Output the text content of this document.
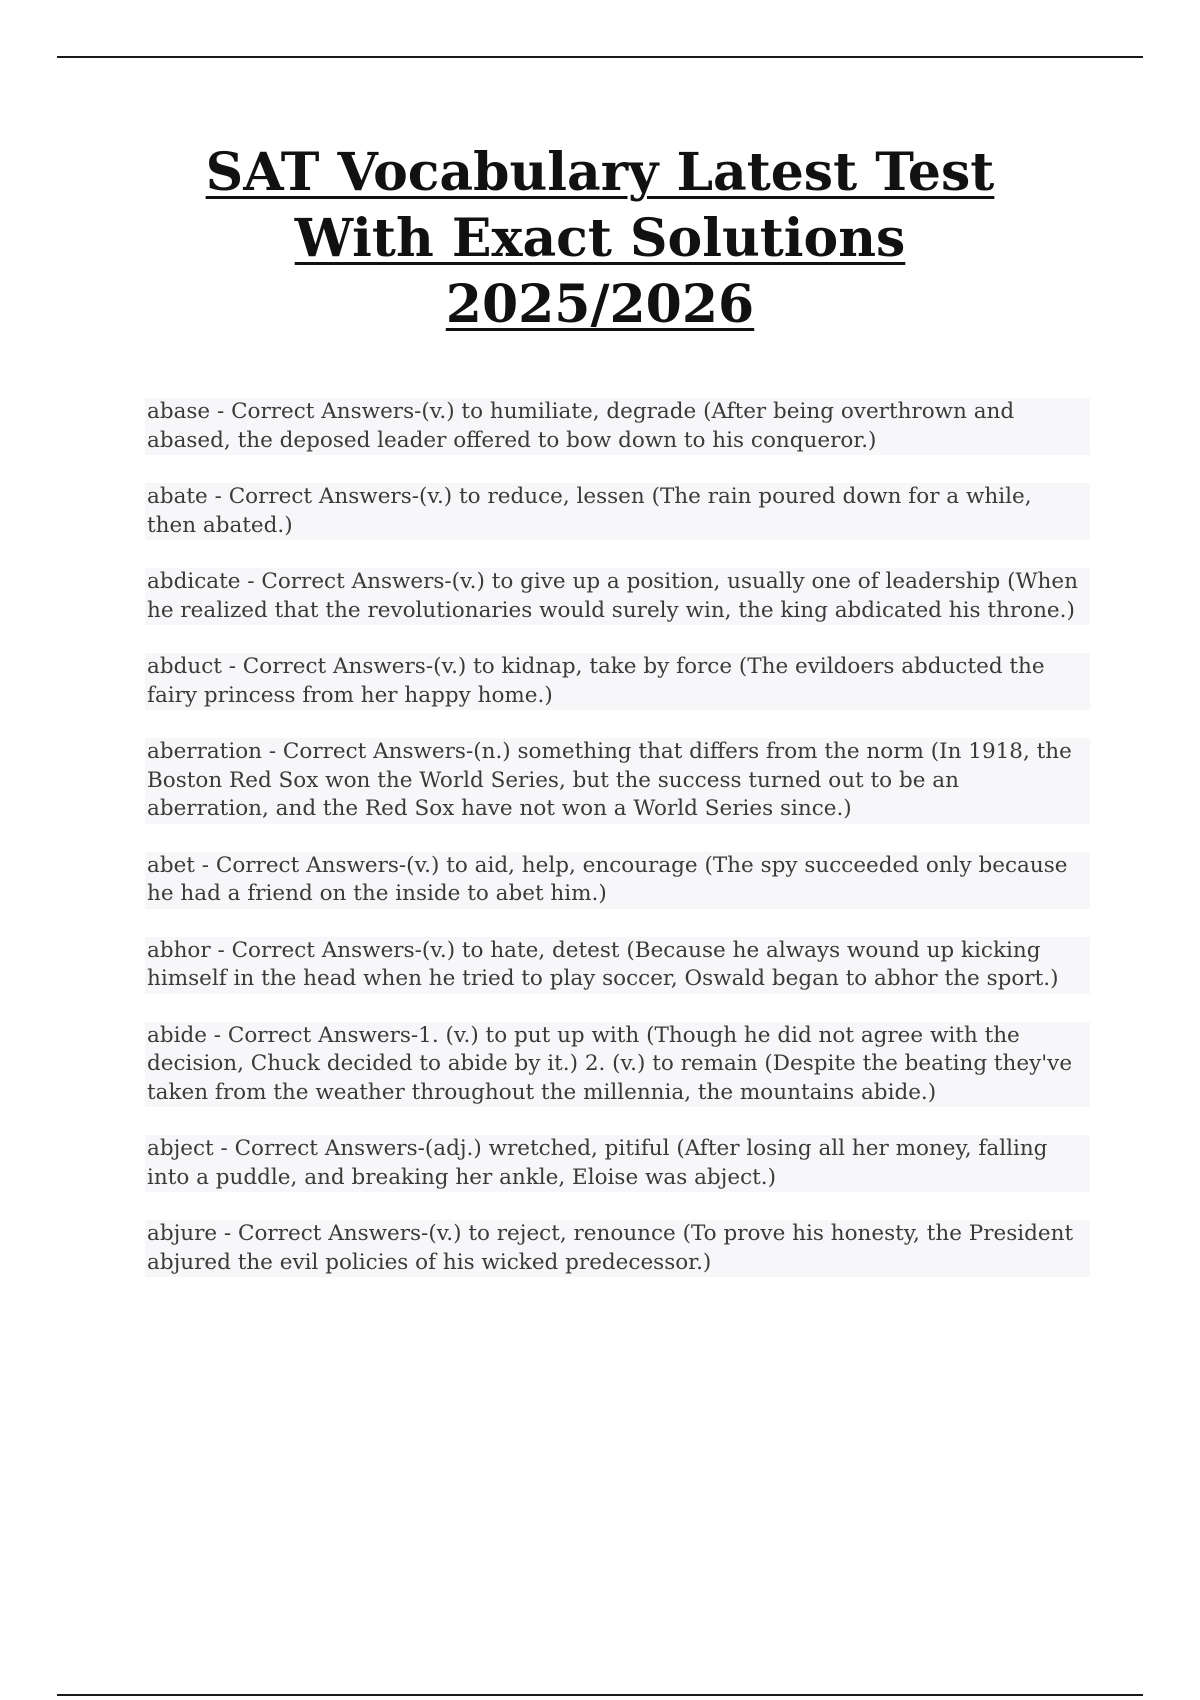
SAT Vocabulary Latest Test
With Exact Solutions
2025/2026

abase - Correct Answers-(v.) to humiliate, degrade (After being overthrown and abased, the deposed leader offered to bow down to his conqueror.)

abate - Correct Answers-(v.) to reduce, lessen (The rain poured down for a while, then abated.)

abdicate - Correct Answers-(v.) to give up a position, usually one of leadership (When he realized that the revolutionaries would surely win, the king abdicated his throne.)

abduct - Correct Answers-(v.) to kidnap, take by force (The evildoers abducted the fairy princess from her happy home.)

aberration - Correct Answers-(n.) something that differs from the norm (In 1918, the Boston Red Sox won the World Series, but the success turned out to be an aberration, and the Red Sox have not won a World Series since.)

abet - Correct Answers-(v.) to aid, help, encourage (The spy succeeded only because he had a friend on the inside to abet him.)

abhor - Correct Answers-(v.) to hate, detest (Because he always wound up kicking himself in the head when he tried to play soccer, Oswald began to abhor the sport.)

abide - Correct Answers-1. (v.) to put up with (Though he did not agree with the decision, Chuck decided to abide by it.) 2. (v.) to remain (Despite the beating they've taken from the weather throughout the millennia, the mountains abide.)

abject - Correct Answers-(adj.) wretched, pitiful (After losing all her money, falling into a puddle, and breaking her ankle, Eloise was abject.)

abjure - Correct Answers-(v.) to reject, renounce (To prove his honesty, the President abjured the evil policies of his wicked predecessor.)
